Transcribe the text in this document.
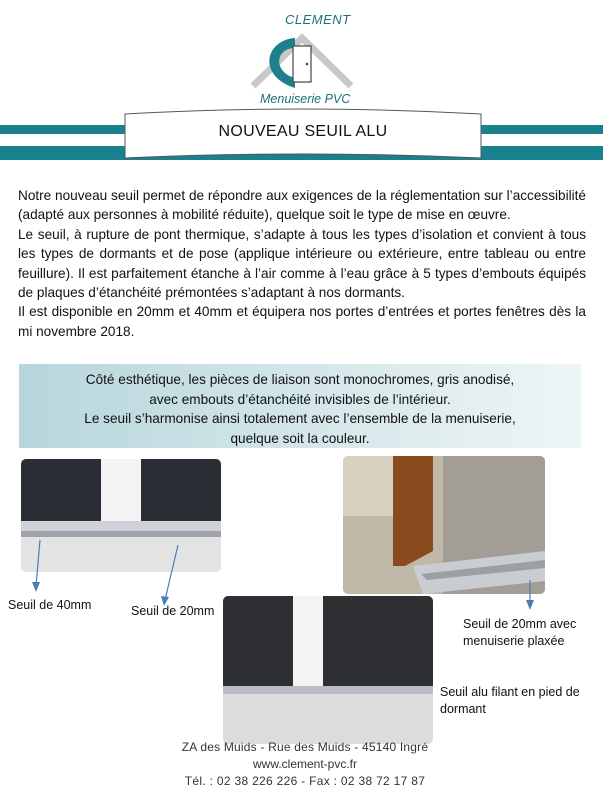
CLEMENT
Menuiserie PVC
NOUVEAU SEUIL ALU

Notre nouveau seuil permet de répondre aux exigences de la réglementation sur l’accessibilité (adapté aux personnes à mobilité réduite), quelque soit le type de mise en œuvre.

Le seuil, à rupture de pont thermique, s’adapte à tous les types d’isolation et convient à tous les types de dormants et de pose (applique intérieure ou extérieure, entre tableau ou entre feuillure). Il est parfaitement étanche à l’air comme à l’eau grâce à 5 types d’embouts équipés de plaques d’étanchéité prémontées s’adaptant à nos dormants.

Il est disponible en 20mm et 40mm et équipera nos portes d’entrées et portes fenêtres dès la mi novembre 2018.

Côté esthétique, les pièces de liaison sont monochromes, gris anodisé,

avec embouts d’étanchéité invisibles de l’intérieur.

Le seuil s’harmonise ainsi totalement avec l’ensemble de la menuiserie,

quelque soit la couleur.

Seuil de 40mm	Seuil de 20mm
Seuil de 20mm avec
menuiserie plaxée
Seuil alu filant en pied de
dormant
ZA des Muids - Rue des Muids - 45140 Ingré
www.clement-pvc.fr
Tél. : 02 38 226 226 - Fax : 02 38 72 17 87
